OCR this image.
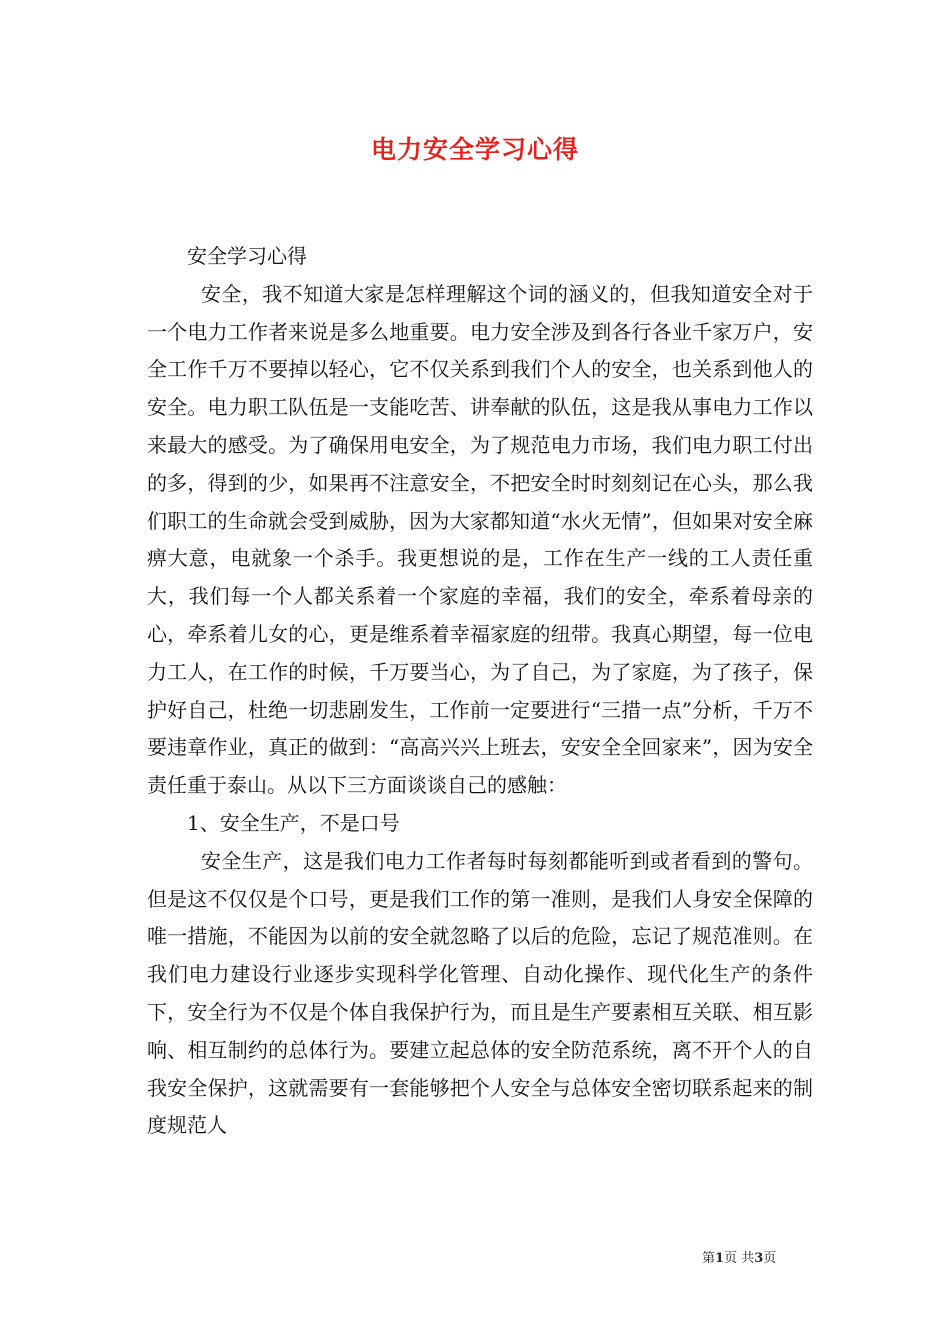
电力安全学习心得

安全学习心得

安全，我不知道大家是怎样理解这个词的涵义的，但我知道安全对于一个电力工作者来说是多么地重要。电力安全涉及到各行各业千家万户，安全工作千万不要掉以轻心，它不仅关系到我们个人的安全，也关系到他人的安全。电力职工队伍是一支能吃苦、讲奉献的队伍，这是我从事电力工作以来最大的感受。为了确保用电安全，为了规范电力市场，我们电力职工付出的多，得到的少，如果再不注意安全，不把安全时时刻刻记在心头，那么我们职工的生命就会受到威胁，因为大家都知道“水火无情”，但如果对安全麻痹大意，电就象一个杀手。我更想说的是，工作在生产一线的工人责任重大，我们每一个人都关系着一个家庭的幸福，我们的安全，牵系着母亲的心，牵系着儿女的心，更是维系着幸福家庭的纽带。我真心期望，每一位电力工人，在工作的时候，千万要当心，为了自己，为了家庭，为了孩子，保护好自己，杜绝一切悲剧发生，工作前一定要进行“三措一点”分析，千万不要违章作业，真正的做到：“高高兴兴上班去，安安全全回家来”，因为安全责任重于泰山。从以下三方面谈谈自己的感触：

1、安全生产，不是口号

安全生产，这是我们电力工作者每时每刻都能听到或者看到的警句。但是这不仅仅是个口号，更是我们工作的第一准则，是我们人身安全保障的唯一措施，不能因为以前的安全就忽略了以后的危险，忘记了规范准则。在我们电力建设行业逐步实现科学化管理、自动化操作、现代化生产的条件下，安全行为不仅是个体自我保护行为，而且是生产要素相互关联、相互影响、相互制约的总体行为。要建立起总体的安全防范系统，离不开个人的自我安全保护，这就需要有一套能够把个人安全与总体安全密切联系起来的制度规范人

第1页 共3页
